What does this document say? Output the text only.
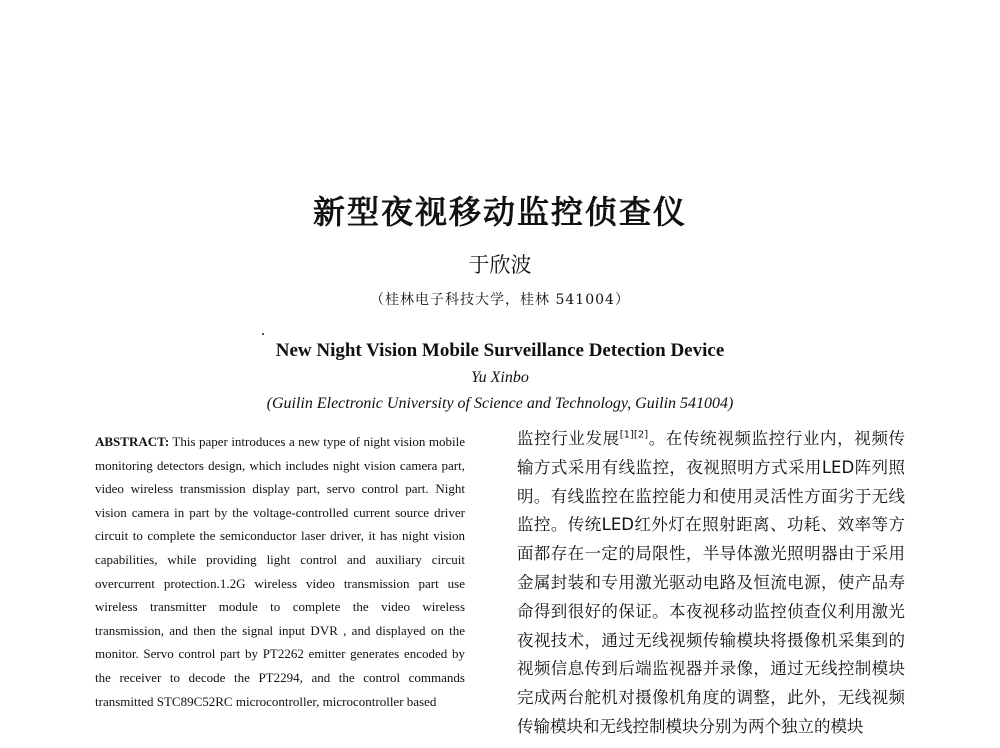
新型夜视移动监控侦查仪
于欣波
（桂林电子科技大学，桂林 541004）
New Night Vision Mobile Surveillance Detection Device
Yu Xinbo
(Guilin Electronic University of Science and Technology, Guilin 541004)
ABSTRACT: This paper introduces a new type of night vision mobile monitoring detectors design, which includes night vision camera part, video wireless transmission display part, servo control part. Night vision camera in part by the voltage-controlled current source driver circuit to complete the semiconductor laser driver, it has night vision capabilities, while providing light control and auxiliary circuit overcurrent protection.1.2G wireless video transmission part use wireless transmitter module to complete the video wireless transmission, and then the signal input DVR , and displayed on the monitor. Servo control part by PT2262 emitter generates encoded by the receiver to decode the PT2294, and the control commands transmitted STC89C52RC microcontroller, microcontroller based
监控行业发展[1][2]。在传统视频监控行业内，视频传输方式采用有线监控，夜视照明方式采用LED阵列照明。有线监控在监控能力和使用灵活性方面劣于无线监控。传统LED红外灯在照射距离、功耗、效率等方面都存在一定的局限性，半导体激光照明器由于采用金属封装和专用激光驱动电路及恒流电源，使产品寿命得到很好的保证。本夜视移动监控侦查仪利用激光夜视技术，通过无线视频传输模块将摄像机采集到的视频信息传到后端监视器并录像，通过无线控制模块完成两台舵机对摄像机角度的调整，此外，无线视频传输模块和无线控制模块分别为两个独立的模块
